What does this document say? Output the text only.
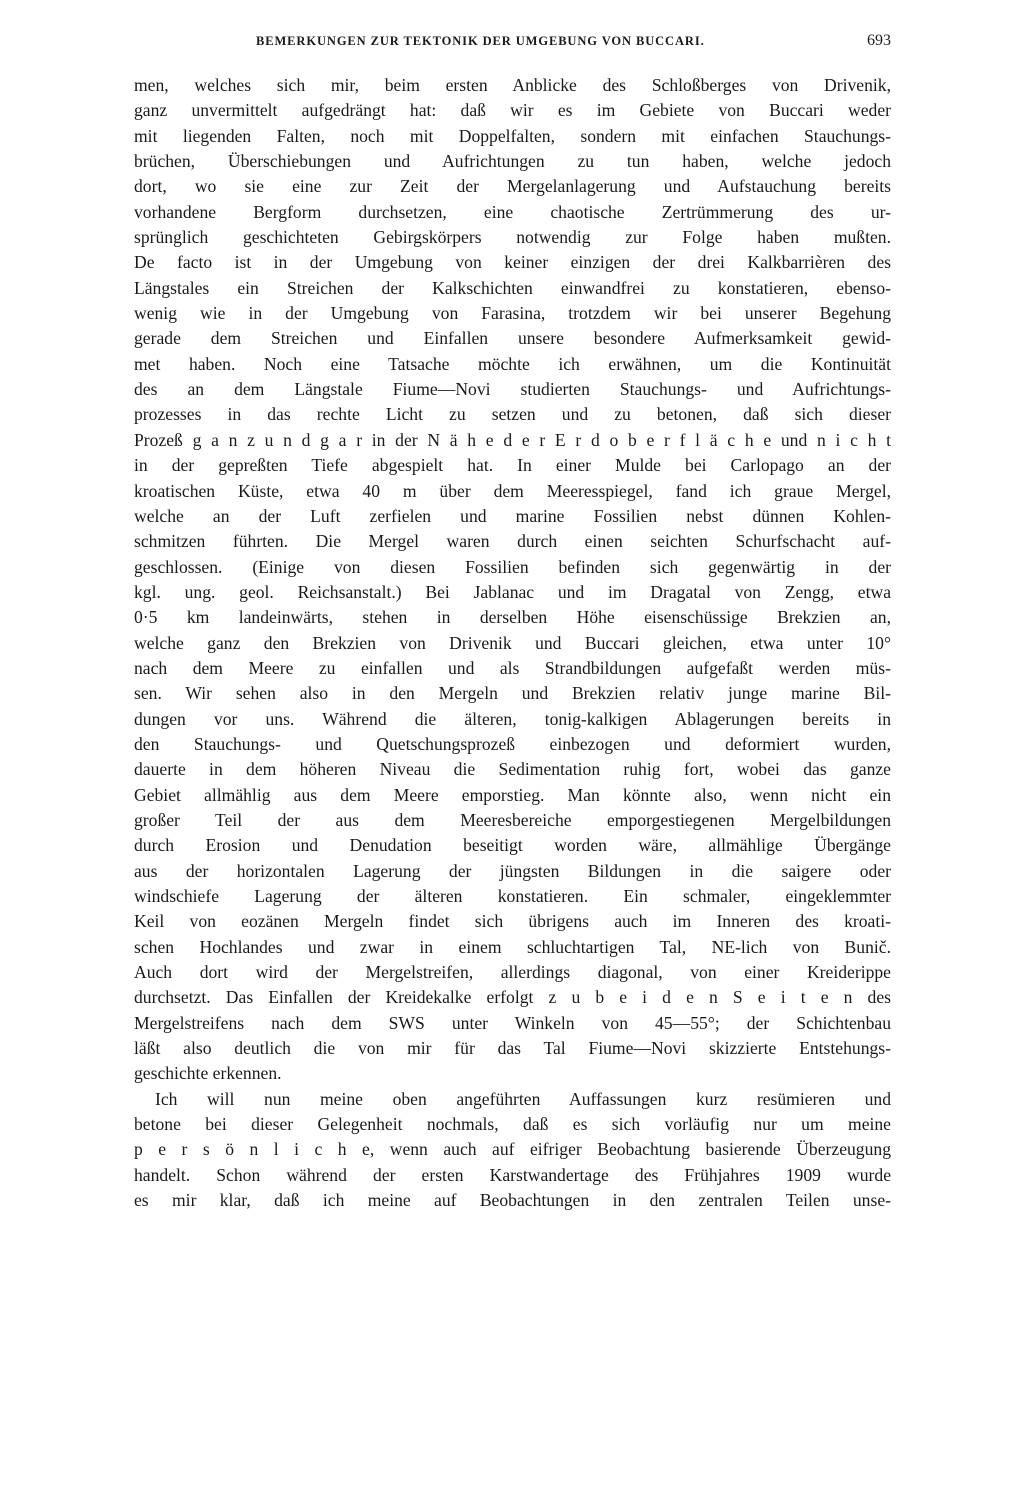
BEMERKUNGEN ZUR TEKTONIK DER UMGEBUNG VON BUCCARI.	693
men, welches sich mir, beim ersten Anblicke des Schloßberges von Drivenik,
ganz unvermittelt aufgedrängt hat: daß wir es im Gebiete von Buccari weder
mit liegenden Falten, noch mit Doppelfalten, sondern mit einfachen Stauchungs-
brüchen, Überschiebungen und Aufrichtungen zu tun haben, welche jedoch
dort, wo sie eine zur Zeit der Mergelanlagerung und Aufstauchung bereits
vorhandene Bergform durchsetzen, eine chaotische Zertrümmerung des ur-
sprünglich geschichteten Gebirgskörpers notwendig zur Folge haben mußten.
De facto ist in der Umgebung von keiner einzigen der drei Kalkbarrièren des
Längstales ein Streichen der Kalkschichten einwandfrei zu konstatieren, ebenso-
wenig wie in der Umgebung von Farasina, trotzdem wir bei unserer Begehung
gerade dem Streichen und Einfallen unsere besondere Aufmerksamkeit gewid-
met haben. Noch eine Tatsache möchte ich erwähnen, um die Kontinuität
des an dem Längstale Fiume—Novi studierten Stauchungs- und Aufrichtungs-
prozesses in das rechte Licht zu setzen und zu betonen, daß sich dieser
Prozeß g a n z u n d g a r in der N ä h e d e r E r d o b e r f l ä c h e und n i c h t
in der gepreßten Tiefe abgespielt hat. In einer Mulde bei Carlopago an der
kroatischen Küste, etwa 40 m über dem Meeresspiegel, fand ich graue Mergel,
welche an der Luft zerfielen und marine Fossilien nebst dünnen Kohlen-
schmitzen führten. Die Mergel waren durch einen seichten Schurfschacht auf-
geschlossen. (Einige von diesen Fossilien befinden sich gegenwärtig in der
kgl. ung. geol. Reichsanstalt.) Bei Jablanac und im Dragatal von Zengg, etwa
0·5 km landeinwärts, stehen in derselben Höhe eisenschüssige Brekzien an,
welche ganz den Brekzien von Drivenik und Buccari gleichen, etwa unter 10°
nach dem Meere zu einfallen und als Strandbildungen aufgefaßt werden müs-
sen. Wir sehen also in den Mergeln und Brekzien relativ junge marine Bil-
dungen vor uns. Während die älteren, tonig-kalkigen Ablagerungen bereits in
den Stauchungs- und Quetschungsprozeß einbezogen und deformiert wurden,
dauerte in dem höheren Niveau die Sedimentation ruhig fort, wobei das ganze
Gebiet allmählig aus dem Meere emporstieg. Man könnte also, wenn nicht ein
großer Teil der aus dem Meeresbereiche emporgestiegenen Mergelbildungen
durch Erosion und Denudation beseitigt worden wäre, allmählige Übergänge
aus der horizontalen Lagerung der jüngsten Bildungen in die saigere oder
windschiefe Lagerung der älteren konstatieren. Ein schmaler, eingeklemmter
Keil von eozänen Mergeln findet sich übrigens auch im Inneren des kroati-
schen Hochlandes und zwar in einem schluchtartigen Tal, NE-lich von Bunič.
Auch dort wird der Mergelstreifen, allerdings diagonal, von einer Kreiderippe
durchsetzt. Das Einfallen der Kreidekalke erfolgt z u b e i d e n S e i t e n des
Mergelstreifens nach dem SWS unter Winkeln von 45—55°; der Schichtenbau
läßt also deutlich die von mir für das Tal Fiume—Novi skizzierte Entstehungs-
geschichte erkennen.
Ich will nun meine oben angeführten Auffassungen kurz resümieren und
betone bei dieser Gelegenheit nochmals, daß es sich vorläufig nur um meine
p e r s ö n l i c h e, wenn auch auf eifriger Beobachtung basierende Überzeugung
handelt. Schon während der ersten Karstwandertage des Frühjahres 1909 wurde
es mir klar, daß ich meine auf Beobachtungen in den zentralen Teilen unse-
